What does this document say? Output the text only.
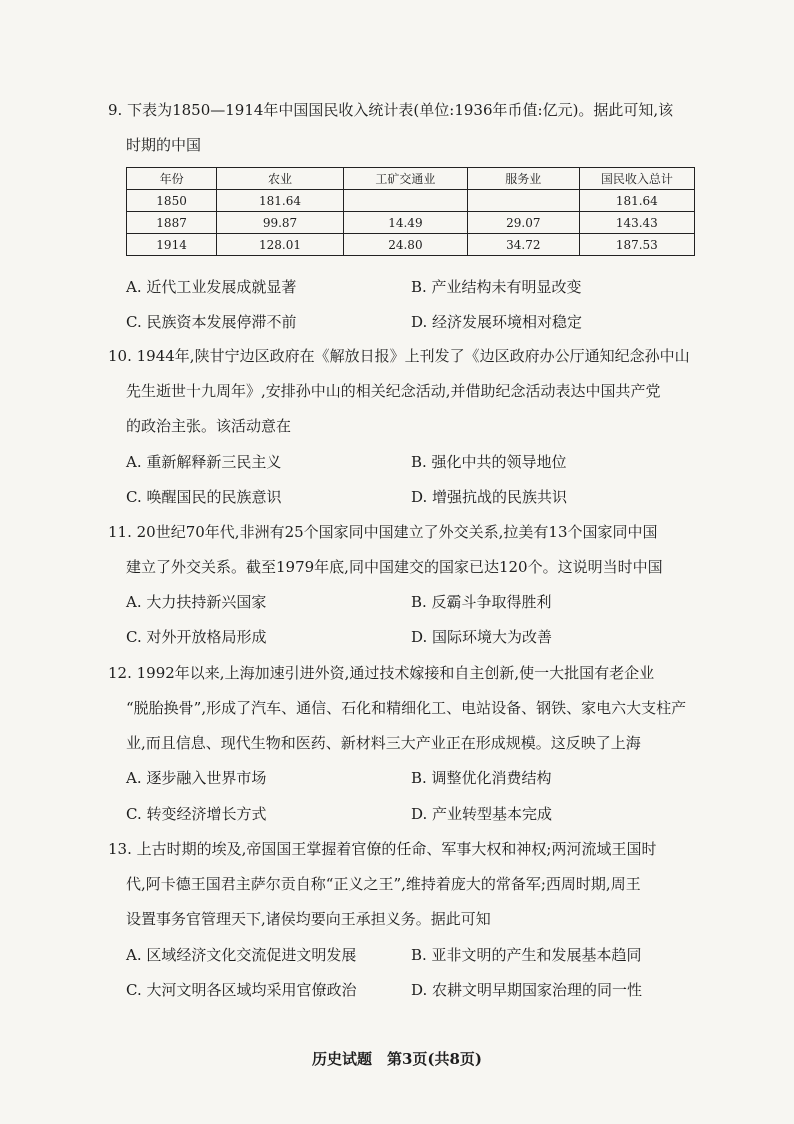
9. 下表为1850—1914年中国国民收入统计表(单位:1936年币值:亿元)。据此可知,该
时期的中国
年份	农业	工矿交通业	服务业	国民收入总计
1850	181.64			181.64
1887	99.87	14.49	29.07	143.43
1914	128.01	24.80	34.72	187.53
A. 近代工业发展成就显著	B. 产业结构未有明显改变
C. 民族资本发展停滞不前	D. 经济发展环境相对稳定
10. 1944年,陕甘宁边区政府在《解放日报》上刊发了《边区政府办公厅通知纪念孙中山
先生逝世十九周年》,安排孙中山的相关纪念活动,并借助纪念活动表达中国共产党
的政治主张。该活动意在
A. 重新解释新三民主义	B. 强化中共的领导地位
C. 唤醒国民的民族意识	D. 增强抗战的民族共识
11. 20世纪70年代,非洲有25个国家同中国建立了外交关系,拉美有13个国家同中国
建立了外交关系。截至1979年底,同中国建交的国家已达120个。这说明当时中国
A. 大力扶持新兴国家	B. 反霸斗争取得胜利
C. 对外开放格局形成	D. 国际环境大为改善
12. 1992年以来,上海加速引进外资,通过技术嫁接和自主创新,使一大批国有老企业
“脱胎换骨”,形成了汽车、通信、石化和精细化工、电站设备、钢铁、家电六大支柱产
业,而且信息、现代生物和医药、新材料三大产业正在形成规模。这反映了上海
A. 逐步融入世界市场	B. 调整优化消费结构
C. 转变经济增长方式	D. 产业转型基本完成
13. 上古时期的埃及,帝国国王掌握着官僚的任命、军事大权和神权;两河流域王国时
代,阿卡德王国君主萨尔贡自称“正义之王”,维持着庞大的常备军;西周时期,周王
设置事务官管理天下,诸侯均要向王承担义务。据此可知
A. 区域经济文化交流促进文明发展	B. 亚非文明的产生和发展基本趋同
C. 大河文明各区域均采用官僚政治	D. 农耕文明早期国家治理的同一性
历史试题　第3页(共8页)
